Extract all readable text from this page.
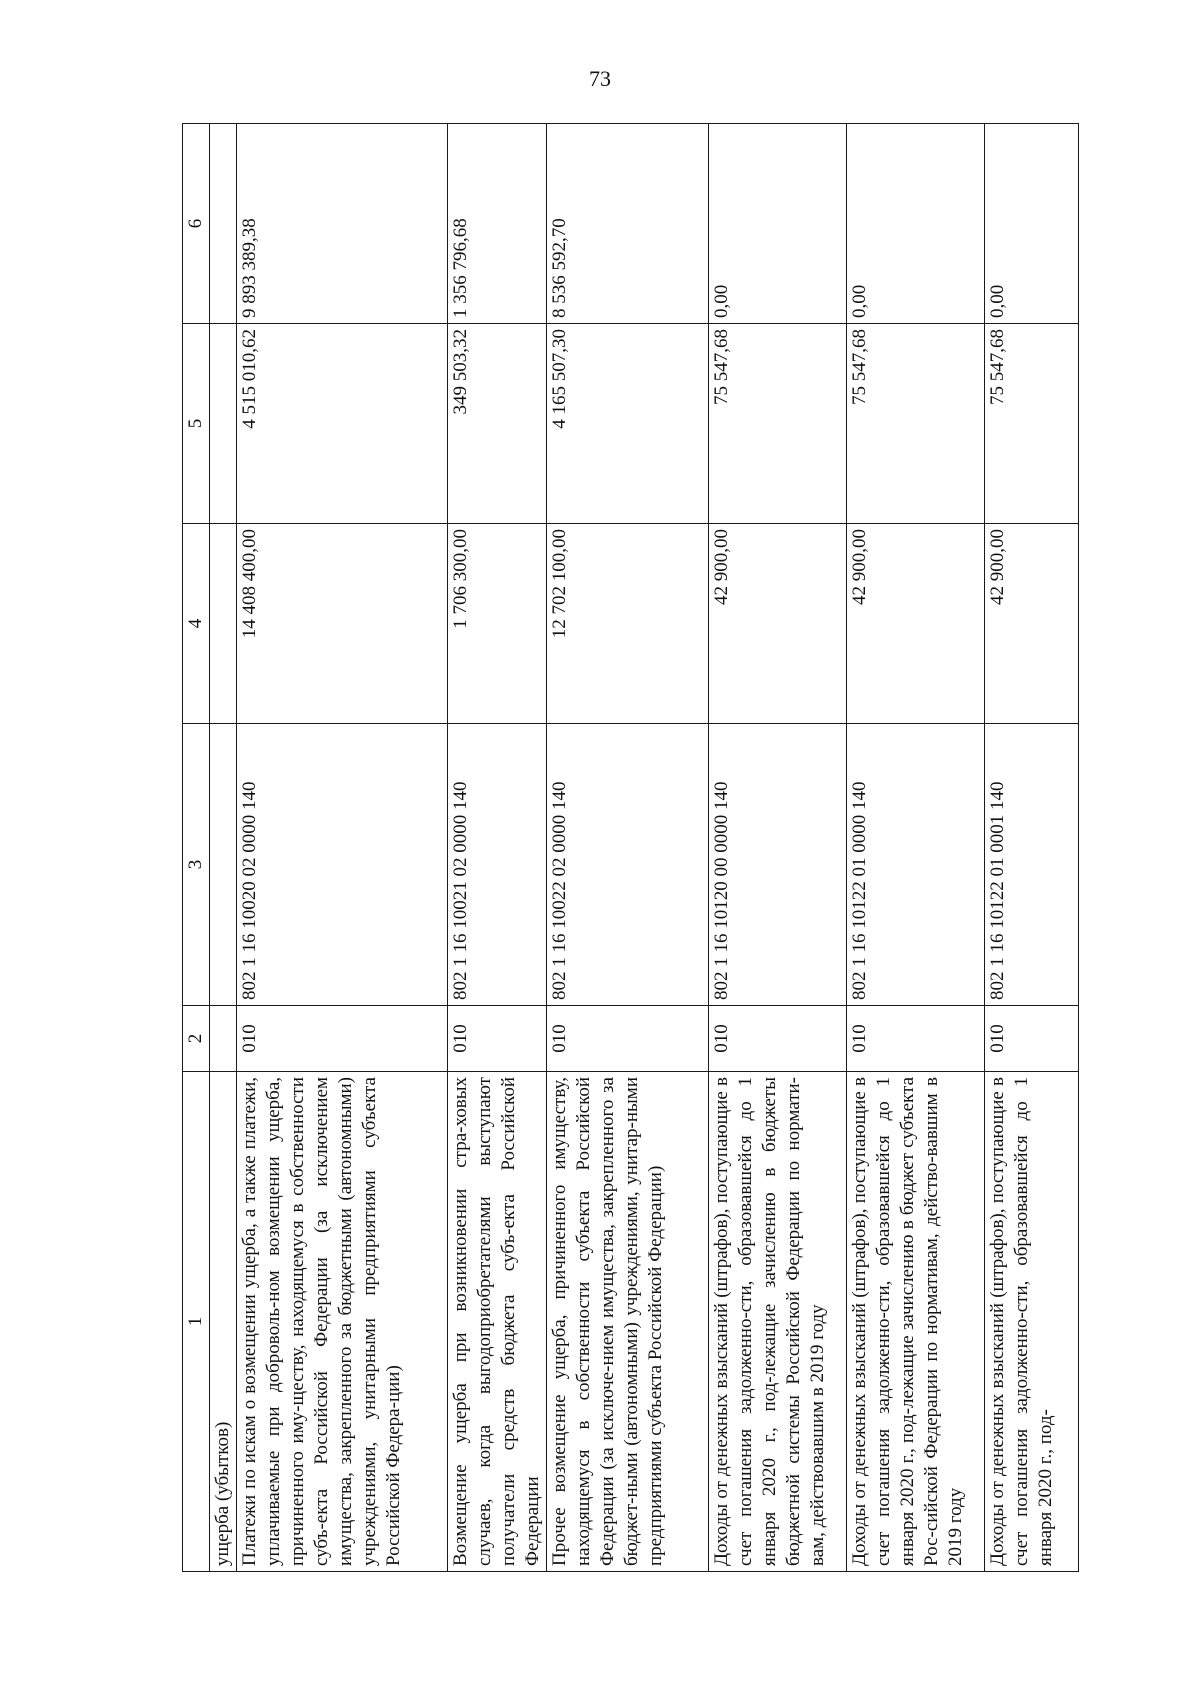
73
1	2	3	4	5	6
ущерба (убытков)					
Платежи по искам о возмещении ущерба, а также платежи, уплачиваемые при доброволь-ном возмещении ущерба, причиненного иму-ществу, находящемуся в собственности субъ-екта Российской Федерации (за исключением имущества, закрепленного за бюджетными (автономными) учреждениями, унитарными предприятиями субъекта Российской Федера-ции)	010	802 1 16 10020 02 0000 140	14 408 400,00	4 515 010,62	9 893 389,38
Возмещение ущерба при возникновении стра-ховых случаев, когда выгодоприобретателями выступают получатели средств бюджета субъ-екта Российской Федерации	010	802 1 16 10021 02 0000 140	1 706 300,00	349 503,32	1 356 796,68
Прочее возмещение ущерба, причиненного имуществу, находящемуся в собственности субъекта Российской Федерации (за исключе-нием имущества, закрепленного за бюджет-ными (автономными) учреждениями, унитар-ными предприятиями субъекта Российской Федерации)	010	802 1 16 10022 02 0000 140	12 702 100,00	4 165 507,30	8 536 592,70
Доходы от денежных взысканий (штрафов), поступающие в счет погашения задолженно-сти, образовавшейся до 1 января 2020 г., под-лежащие зачислению в бюджеты бюджетной системы Российской Федерации по нормати-вам, действовавшим в 2019 году	010	802 1 16 10120 00 0000 140	42 900,00	75 547,68	0,00
Доходы от денежных взысканий (штрафов), поступающие в счет погашения задолженно-сти, образовавшейся до 1 января 2020 г., под-лежащие зачислению в бюджет субъекта Рос-сийской Федерации по нормативам, действо-вавшим в 2019 году	010	802 1 16 10122 01 0000 140	42 900,00	75 547,68	0,00
Доходы от денежных взысканий (штрафов), поступающие в счет погашения задолженно-сти, образовавшейся до 1 января 2020 г., под-	010	802 1 16 10122 01 0001 140	42 900,00	75 547,68	0,00
